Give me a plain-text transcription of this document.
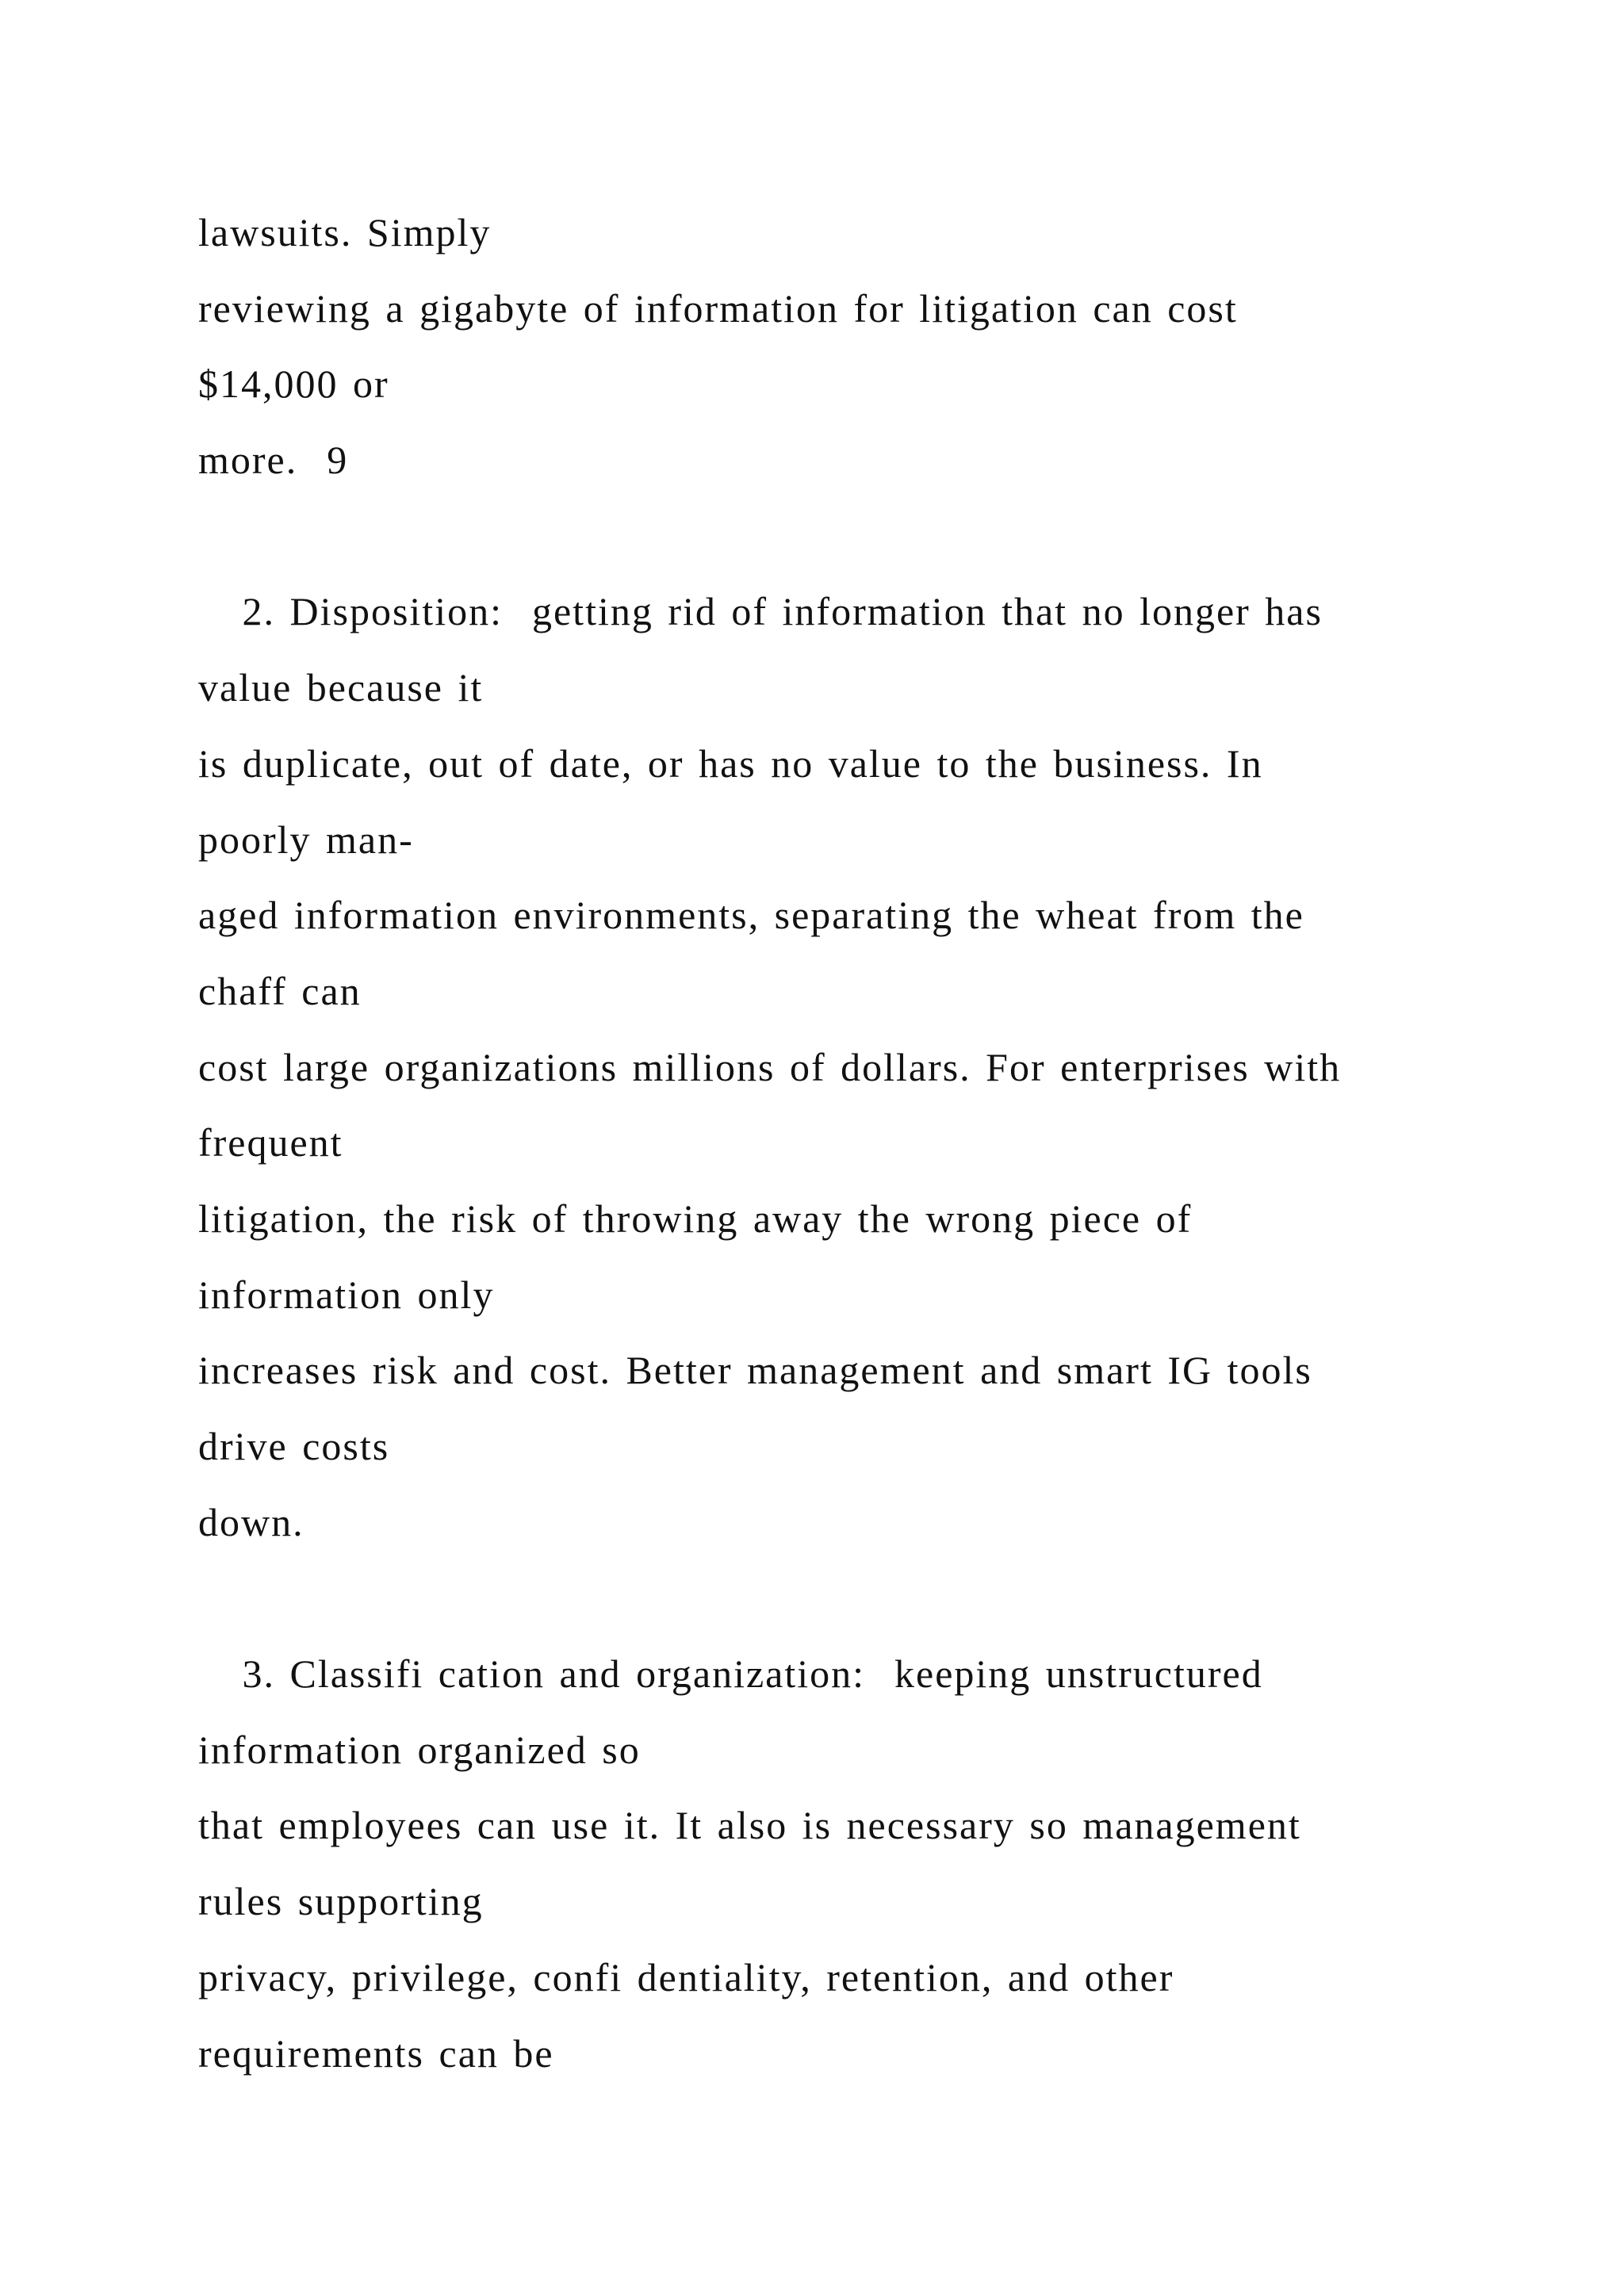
lawsuits. Simply
reviewing a gigabyte of information for litigation can cost
$14,000 or
more.  9
2. Disposition:  getting rid of information that no longer has
value because it
is duplicate, out of date, or has no value to the business. In
poorly man-
aged information environments, separating the wheat from the
chaff can
cost large organizations millions of dollars. For enterprises with
frequent
litigation, the risk of throwing away the wrong piece of
information only
increases risk and cost. Better management and smart IG tools
drive costs
down.
3. Classifi cation and organization:  keeping unstructured
information organized so
that employees can use it. It also is necessary so management
rules supporting
privacy, privilege, confi dentiality, retention, and other
requirements can be
